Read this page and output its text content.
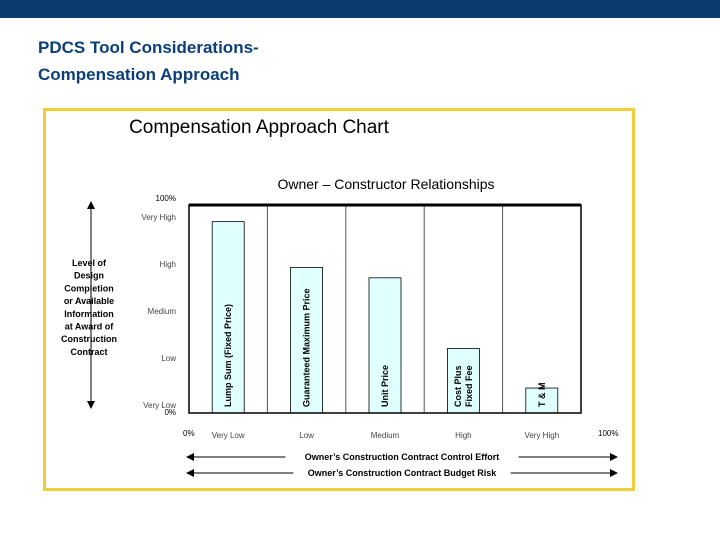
PDCS Tool Considerations-
Compensation Approach
Compensation Approach Chart
Owner – Constructor Relationships
Lump Sum (Fixed Price)	Guaranteed Maximum Price	Unit Price	Cost Plus Fixed Fee	T & M
Very High
High
Medium
Low
Very Low
100%
0%
Level of
Design
Completion
or Available
Information
at Award of
Construction
Contract
Very Low	Low	Medium	High	Very High
0%	100%
Owner’s Construction Contract Control Effort
Owner’s Construction Contract Budget Risk
